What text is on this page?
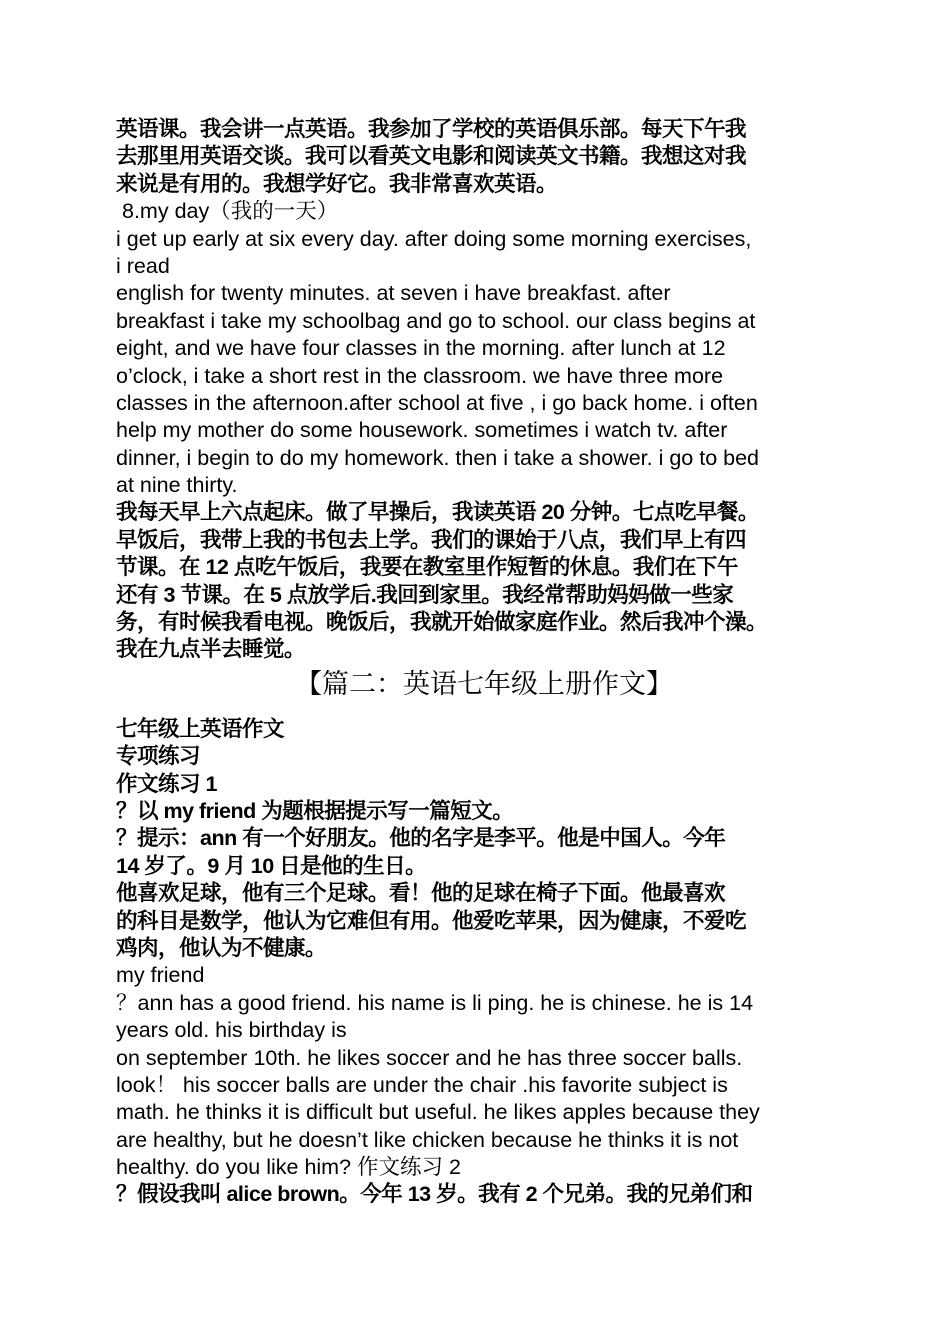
英语课。我会讲一点英语。我参加了学校的英语俱乐部。每天下午我
去那里用英语交谈。我可以看英文电影和阅读英文书籍。我想这对我
来说是有用的。我想学好它。我非常喜欢英语。
8.my day（我的一天）
i get up early at six every day. after doing some morning exercises,
i read
english for twenty minutes. at seven i have breakfast. after
breakfast i take my schoolbag and go to school. our class begins at
eight, and we have four classes in the morning. after lunch at 12
o’clock, i take a short rest in the classroom. we have three more
classes in the afternoon.after school at five , i go back home. i often
help my mother do some housework. sometimes i watch tv. after
dinner, i begin to do my homework. then i take a shower. i go to bed
at nine thirty.
我每天早上六点起床。做了早操后，我读英语 20 分钟。七点吃早餐。
早饭后，我带上我的书包去上学。我们的课始于八点，我们早上有四
节课。在 12 点吃午饭后，我要在教室里作短暂的休息。我们在下午
还有 3 节课。在 5 点放学后.我回到家里。我经常帮助妈妈做一些家
务，有时候我看电视。晚饭后，我就开始做家庭作业。然后我冲个澡。
我在九点半去睡觉。
【篇二：英语七年级上册作文】
七年级上英语作文
专项练习
作文练习 1
？以 my friend 为题根据提示写一篇短文。
？提示：ann 有一个好朋友。他的名字是李平。他是中国人。今年
14 岁了。9 月 10 日是他的生日。
他喜欢足球，他有三个足球。看！他的足球在椅子下面。他最喜欢
的科目是数学，他认为它难但有用。他爱吃苹果，因为健康，不爱吃
鸡肉，他认为不健康。
my friend
？ann has a good friend. his name is li ping. he is chinese. he is 14
years old. his birthday is
on september 10th. he likes soccer and he has three soccer balls.
look！ his soccer balls are under the chair .his favorite subject is
math. he thinks it is difficult but useful. he likes apples because they
are healthy, but he doesn’t like chicken because he thinks it is not
healthy. do you like him? 作文练习 2
？假设我叫 alice brown。今年 13 岁。我有 2 个兄弟。我的兄弟们和
